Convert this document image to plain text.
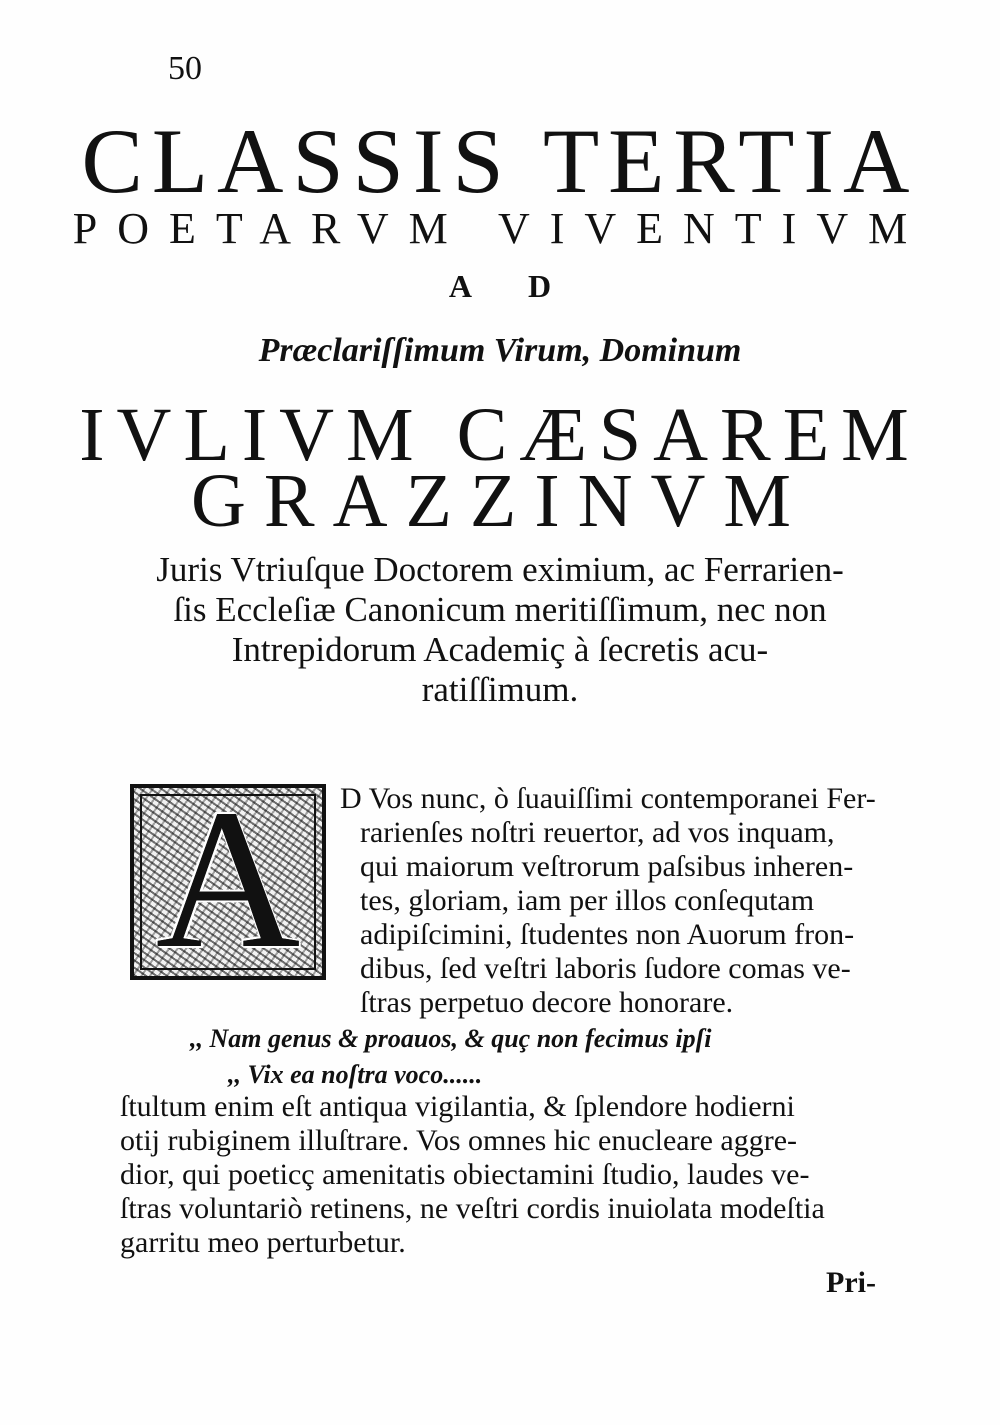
50
CLASSIS TERTIA
POETARVM VIVENTIVM
AD
Præclariſſimum Virum, Dominum
IVLIVM CÆSAREM
GRAZZINVM
Juris Vtriuſque Doctorem eximium, ac Ferrarien-
ſis Eccleſiæ Canonicum meritiſſimum, nec non
Intrepidorum Academiç à ſecretis acu-
ratiſſimum.
A	D Vos nunc, ò ſuauiſſimi contemporanei Fer-
rarienſes noſtri reuertor, ad vos inquam,
qui maiorum veſtrorum paſsibus inheren-
tes, gloriam, iam per illos conſequtam
adipiſcimini, ſtudentes non Auorum fron-
dibus, ſed veſtri laboris ſudore comas ve-
ſtras perpetuo decore honorare.
,, Nam genus & proauos, & quç non fecimus ipſi
,, Vix ea noſtra voco......
ſtultum enim eſt antiqua vigilantia, & ſplendore hodierni
otij rubiginem illuſtrare. Vos omnes hic enucleare aggre-
dior, qui poeticç amenitatis obiectamini ſtudio, laudes ve-
ſtras voluntariò retinens, ne veſtri cordis inuiolata modeſtia
garritu meo perturbetur.
Pri-
